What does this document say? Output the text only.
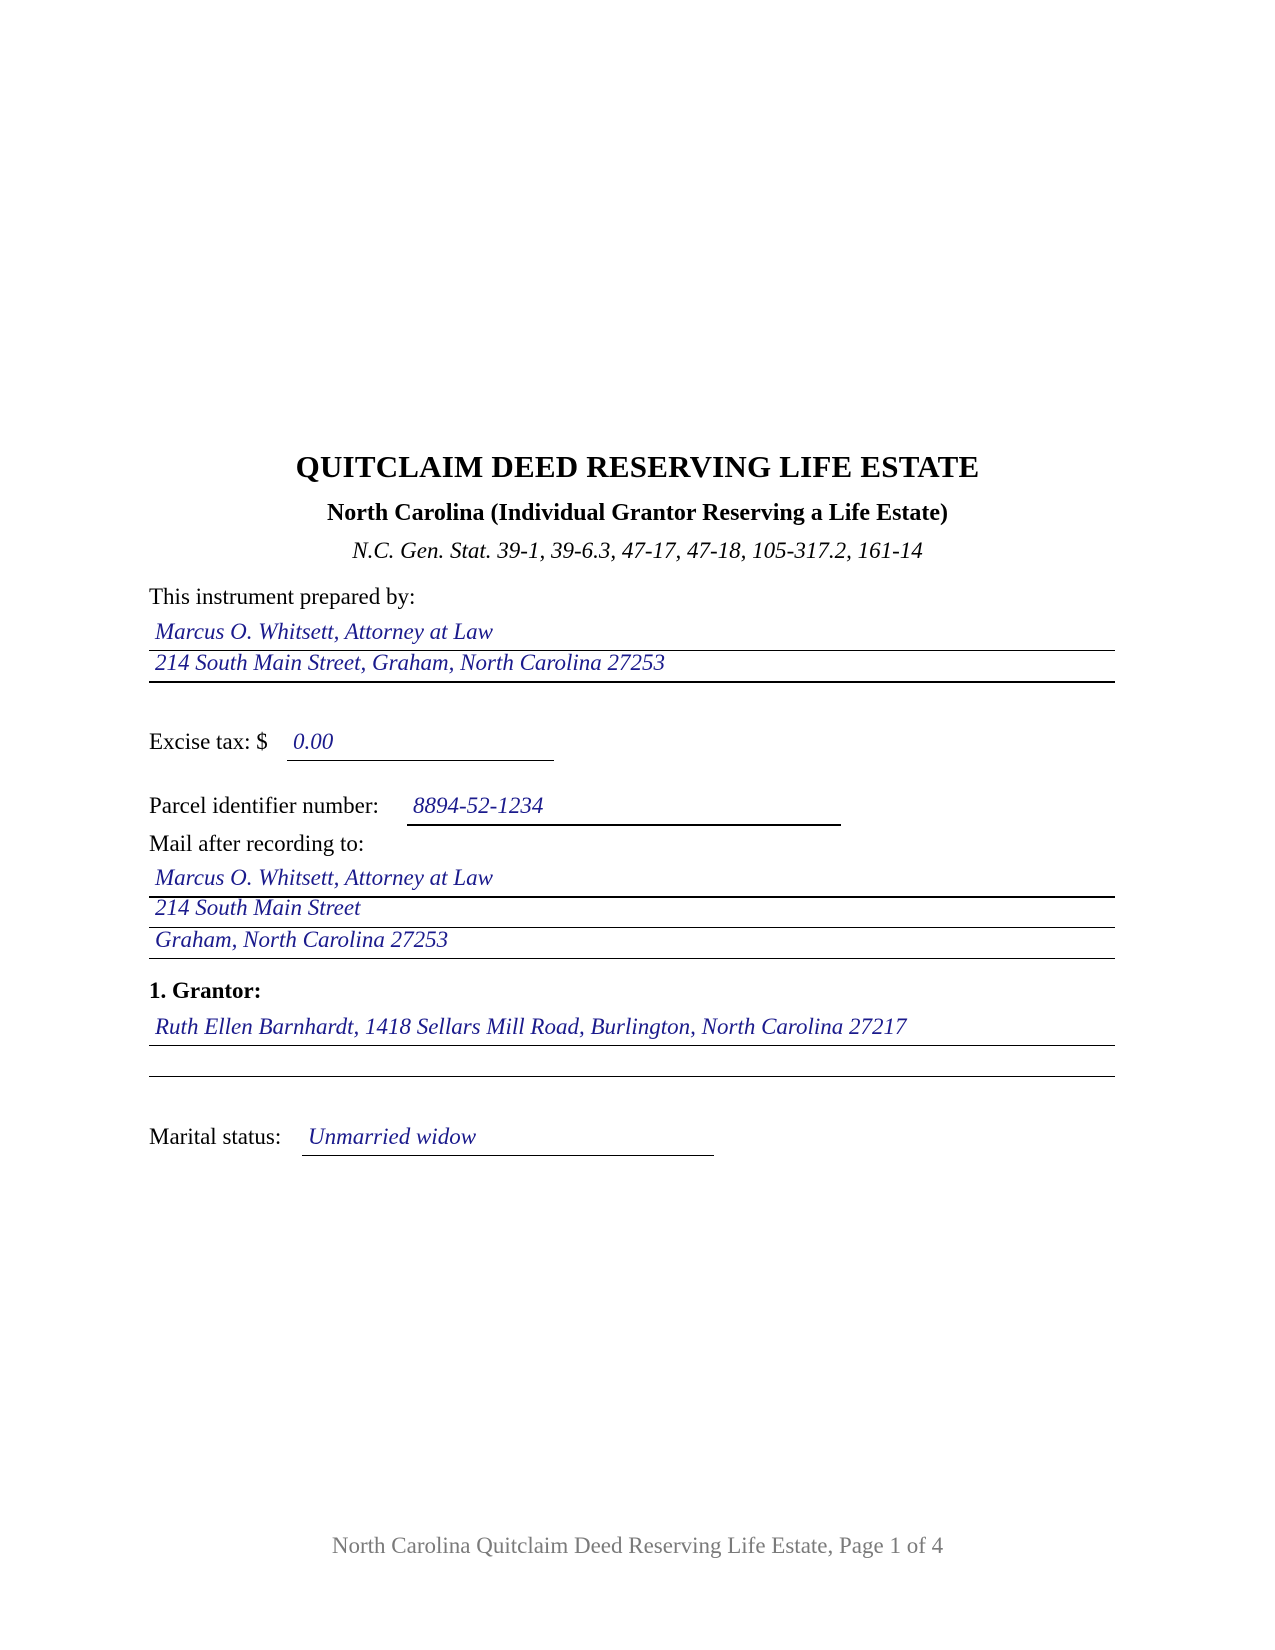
QUITCLAIM DEED RESERVING LIFE ESTATE
North Carolina (Individual Grantor Reserving a Life Estate)
N.C. Gen. Stat. 39-1, 39-6.3, 47-17, 47-18, 105-317.2, 161-14
This instrument prepared by:
Marcus O. Whitsett, Attorney at Law
214 South Main Street, Graham, North Carolina 27253
Excise tax: $ 0.00
Parcel identifier number: 8894-52-1234
Mail after recording to:
Marcus O. Whitsett, Attorney at Law
214 South Main Street
Graham, North Carolina 27253
1. Grantor:
Ruth Ellen Barnhardt, 1418 Sellars Mill Road, Burlington, North Carolina 27217
Marital status: Unmarried widow
North Carolina Quitclaim Deed Reserving Life Estate, Page 1 of 4
